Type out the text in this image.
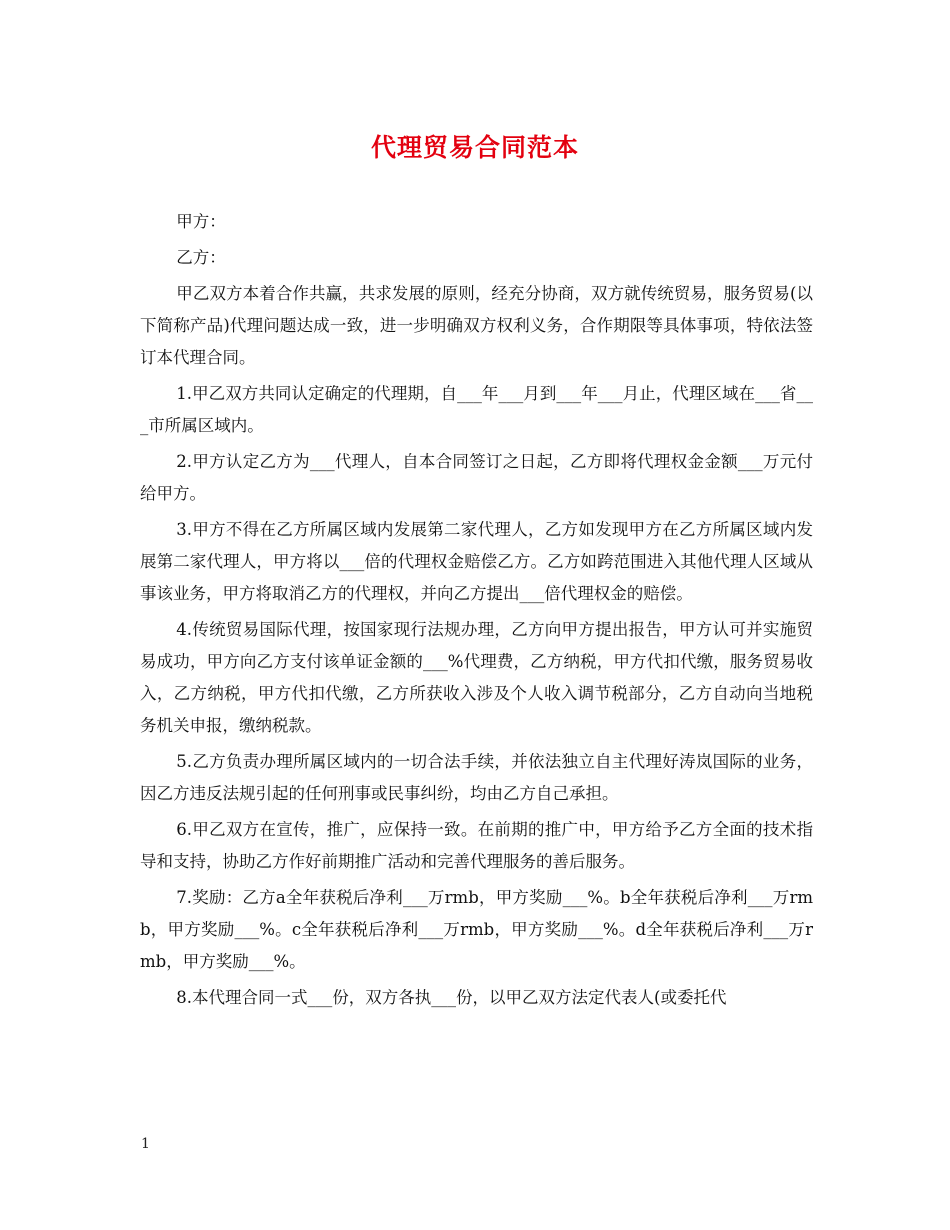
代理贸易合同范本

甲方：

乙方：

甲乙双方本着合作共赢，共求发展的原则，经充分协商，双方就传统贸易，服务贸易(以下简称产品)代理问题达成一致，进一步明确双方权利义务，合作期限等具体事项，特依法签订本代理合同。

1.甲乙双方共同认定确定的代理期，自___年___月到___年___月止，代理区域在___省___市所属区域内。

2.甲方认定乙方为___代理人，自本合同签订之日起，乙方即将代理权金金额___万元付给甲方。

3.甲方不得在乙方所属区域内发展第二家代理人，乙方如发现甲方在乙方所属区域内发展第二家代理人，甲方将以___倍的代理权金赔偿乙方。乙方如跨范围进入其他代理人区域从事该业务，甲方将取消乙方的代理权，并向乙方提出___倍代理权金的赔偿。

4.传统贸易国际代理，按国家现行法规办理，乙方向甲方提出报告，甲方认可并实施贸易成功，甲方向乙方支付该单证金额的___%代理费，乙方纳税，甲方代扣代缴，服务贸易收入，乙方纳税，甲方代扣代缴，乙方所获收入涉及个人收入调节税部分，乙方自动向当地税务机关申报，缴纳税款。

5.乙方负责办理所属区域内的一切合法手续，并依法独立自主代理好涛岚国际的业务，因乙方违反法规引起的任何刑事或民事纠纷，均由乙方自己承担。

6.甲乙双方在宣传，推广，应保持一致。在前期的推广中，甲方给予乙方全面的技术指导和支持，协助乙方作好前期推广活动和完善代理服务的善后服务。

7.奖励：乙方a全年获税后净利___万rmb，甲方奖励___%。b全年获税后净利___万rmb，甲方奖励___%。c全年获税后净利___万rmb，甲方奖励___%。d全年获税后净利___万rmb，甲方奖励___%。

8.本代理合同一式___份，双方各执___份，以甲乙双方法定代表人(或委托代

1
